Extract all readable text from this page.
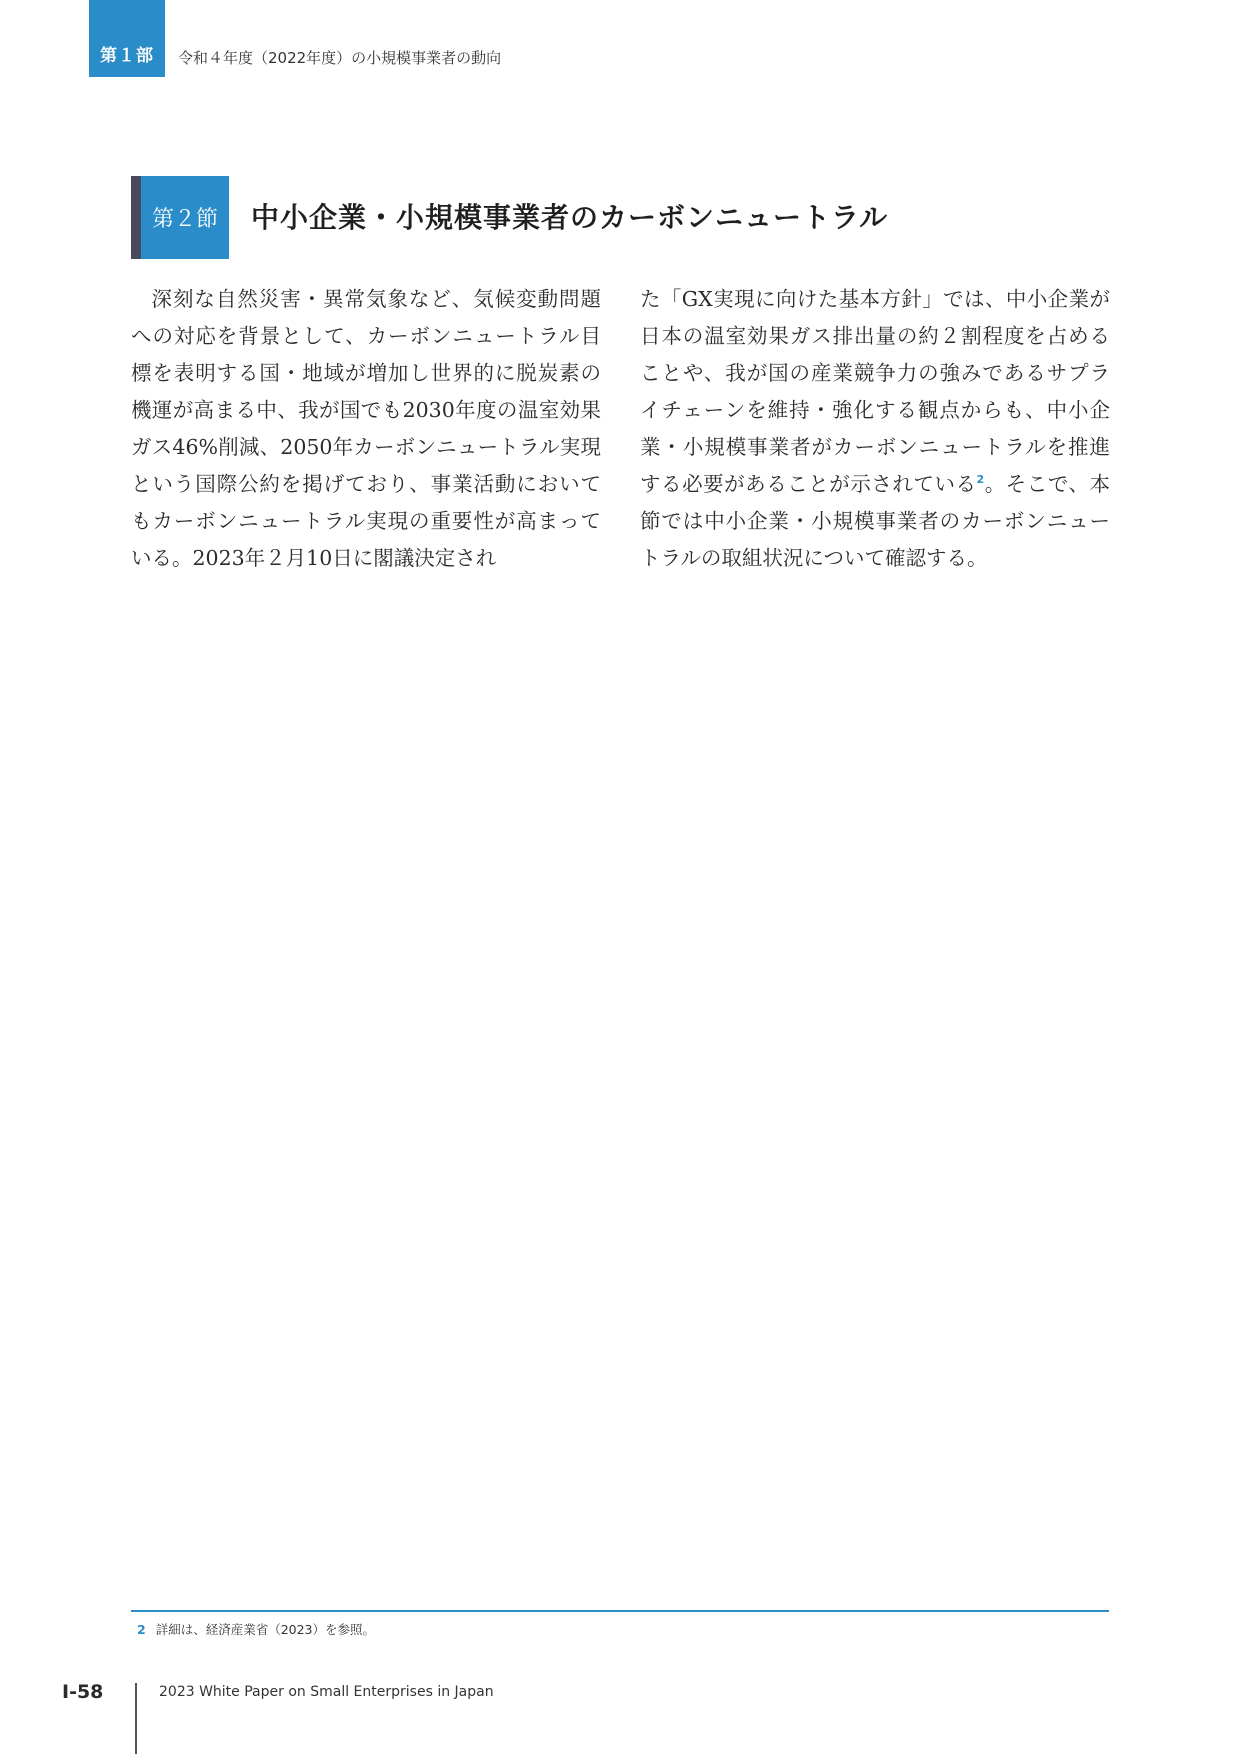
第１部	令和４年度（2022年度）の小規模事業者の動向
第２節	中小企業・小規模事業者のカーボンニュートラル

深刻な自然災害・異常気象など、気候変動問題への対応を背景として、カーボンニュートラル目標を表明する国・地域が増加し世界的に脱炭素の機運が高まる中、我が国でも2030年度の温室効果ガス46%削減、2050年カーボンニュートラル実現という国際公約を掲げており、事業活動においてもカーボンニュートラル実現の重要性が高まっている。2023年２月10日に閣議決定され

た「GX実現に向けた基本方針」では、中小企業が日本の温室効果ガス排出量の約２割程度を占めることや、我が国の産業競争力の強みであるサプライチェーンを維持・強化する観点からも、中小企業・小規模事業者がカーボンニュートラルを推進する必要があることが示されている$^2$。そこで、本節では中小企業・小規模事業者のカーボンニュートラルの取組状況について確認する。

2 詳細は、経済産業省（2023）を参照。
Ⅰ-58	2023 White Paper on Small Enterprises in Japan
